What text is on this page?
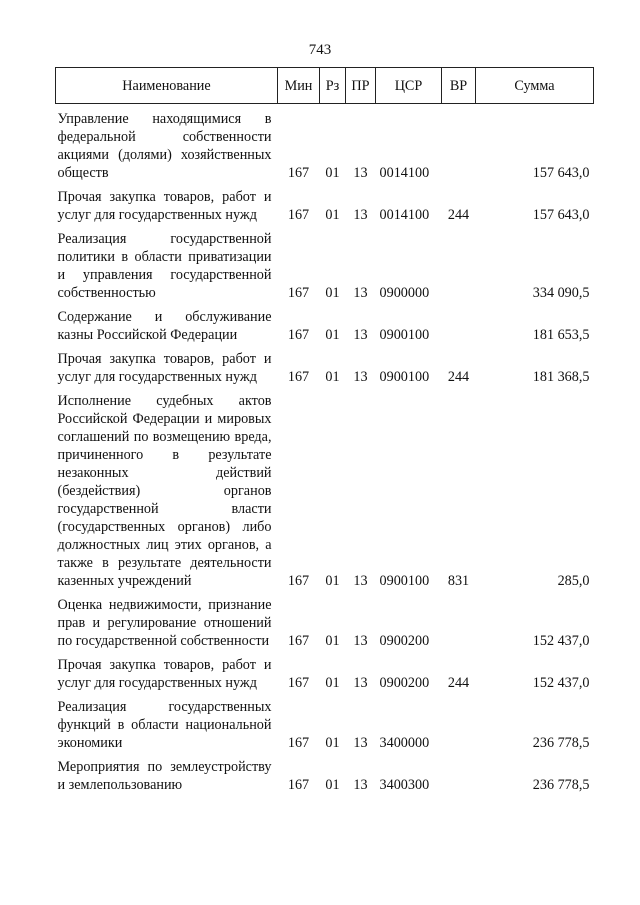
743
Наименование	Мин	Рз	ПР	ЦСР	ВР	Сумма
Управление находящимися в федеральной собственности акциями (долями) хозяйственных обществ	167	01	13	0014100		157 643,0
Прочая закупка товаров, работ и услуг для государственных нужд	167	01	13	0014100	244	157 643,0
Реализация государственной политики в области приватизации и управления государственной собственностью	167	01	13	0900000		334 090,5
Содержание и обслуживание казны Российской Федерации	167	01	13	0900100		181 653,5
Прочая закупка товаров, работ и услуг для государственных нужд	167	01	13	0900100	244	181 368,5
Исполнение судебных актов Российской Федерации и мировых соглашений по возмещению вреда, причиненного в результате незаконных действий (бездействия) органов государственной власти (государственных органов) либо должностных лиц этих органов, а также в результате деятельности казенных учреждений	167	01	13	0900100	831	285,0
Оценка недвижимости, признание прав и регулирование отношений по государственной собственности	167	01	13	0900200		152 437,0
Прочая закупка товаров, работ и услуг для государственных нужд	167	01	13	0900200	244	152 437,0
Реализация государственных функций в области национальной экономики	167	01	13	3400000		236 778,5
Мероприятия по землеустройству и землепользованию	167	01	13	3400300		236 778,5
